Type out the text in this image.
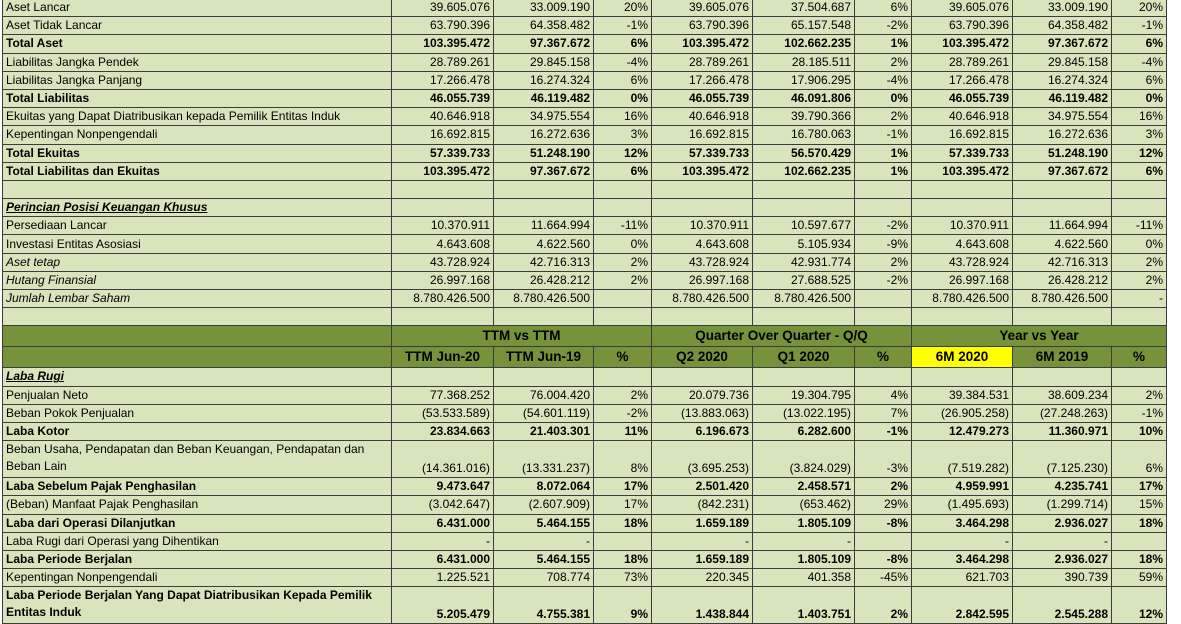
Aset Lancar	39.605.076	33.009.190	20%	39.605.076	37.504.687	6%	39.605.076	33.009.190	20%
Aset Tidak Lancar	63.790.396	64.358.482	-1%	63.790.396	65.157.548	-2%	63.790.396	64.358.482	-1%
Total Aset	103.395.472	97.367.672	6%	103.395.472	102.662.235	1%	103.395.472	97.367.672	6%
Liabilitas Jangka Pendek	28.789.261	29.845.158	-4%	28.789.261	28.185.511	2%	28.789.261	29.845.158	-4%
Liabilitas Jangka Panjang	17.266.478	16.274.324	6%	17.266.478	17.906.295	-4%	17.266.478	16.274.324	6%
Total Liabilitas	46.055.739	46.119.482	0%	46.055.739	46.091.806	0%	46.055.739	46.119.482	0%
Ekuitas yang Dapat Diatribusikan kepada Pemilik Entitas Induk	40.646.918	34.975.554	16%	40.646.918	39.790.366	2%	40.646.918	34.975.554	16%
Kepentingan Nonpengendali	16.692.815	16.272.636	3%	16.692.815	16.780.063	-1%	16.692.815	16.272.636	3%
Total Ekuitas	57.339.733	51.248.190	12%	57.339.733	56.570.429	1%	57.339.733	51.248.190	12%
Total Liabilitas dan Ekuitas	103.395.472	97.367.672	6%	103.395.472	102.662.235	1%	103.395.472	97.367.672	6%

Perincian Posisi Keuangan Khusus									
Persediaan Lancar	10.370.911	11.664.994	-11%	10.370.911	10.597.677	-2%	10.370.911	11.664.994	-11%
Investasi Entitas Asosiasi	4.643.608	4.622.560	0%	4.643.608	5.105.934	-9%	4.643.608	4.622.560	0%
Aset tetap	43.728.924	42.716.313	2%	43.728.924	42.931.774	2%	43.728.924	42.716.313	2%
Hutang Finansial	26.997.168	26.428.212	2%	26.997.168	27.688.525	-2%	26.997.168	26.428.212	2%
Jumlah Lembar Saham	8.780.426.500	8.780.426.500		8.780.426.500	8.780.426.500		8.780.426.500	8.780.426.500	-

	TTM vs TTM			Quarter Over Quarter - Q/Q			Year vs Year		
	TTM Jun-20	TTM Jun-19	%	Q2 2020	Q1 2020	%	6M 2020	6M 2019	%
Laba Rugi									
Penjualan Neto	77.368.252	76.004.420	2%	20.079.736	19.304.795	4%	39.384.531	38.609.234	2%
Beban Pokok Penjualan	(53.533.589)	(54.601.119)	-2%	(13.883.063)	(13.022.195)	7%	(26.905.258)	(27.248.263)	-1%
Laba Kotor	23.834.663	21.403.301	11%	6.196.673	6.282.600	-1%	12.479.273	11.360.971	10%
Beban Usaha, Pendapatan dan Beban Keuangan, Pendapatan dan Beban Lain	(14.361.016)	(13.331.237)	8%	(3.695.253)	(3.824.029)	-3%	(7.519.282)	(7.125.230)	6%
Laba Sebelum Pajak Penghasilan	9.473.647	8.072.064	17%	2.501.420	2.458.571	2%	4.959.991	4.235.741	17%
(Beban) Manfaat Pajak Penghasilan	(3.042.647)	(2.607.909)	17%	(842.231)	(653.462)	29%	(1.495.693)	(1.299.714)	15%
Laba dari Operasi Dilanjutkan	6.431.000	5.464.155	18%	1.659.189	1.805.109	-8%	3.464.298	2.936.027	18%
Laba Rugi dari Operasi yang Dihentikan	-	-		-	-		-	-	
Laba Periode Berjalan	6.431.000	5.464.155	18%	1.659.189	1.805.109	-8%	3.464.298	2.936.027	18%
Kepentingan Nonpengendali	1.225.521	708.774	73%	220.345	401.358	-45%	621.703	390.739	59%
Laba Periode Berjalan Yang Dapat Diatribusikan Kepada Pemilik Entitas Induk	5.205.479	4.755.381	9%	1.438.844	1.403.751	2%	2.842.595	2.545.288	12%
